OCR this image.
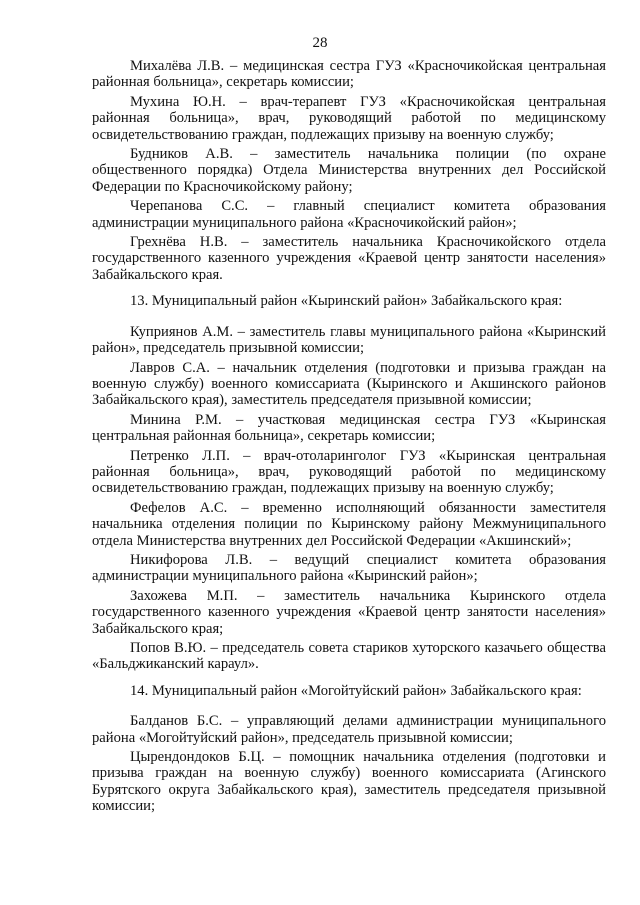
28

Михалёва Л.В. – медицинская сестра ГУЗ «Красночикойская центральная районная больница», секретарь комиссии;

Мухина Ю.Н. – врач-терапевт ГУЗ «Красночикойская центральная районная больница», врач, руководящий работой по медицинскому освидетельствованию граждан, подлежащих призыву на военную службу;

Будников А.В. – заместитель начальника полиции (по охране общественного порядка) Отдела Министерства внутренних дел Российской Федерации по Красночикойскому району;

Черепанова С.С. – главный специалист комитета образования администрации муниципального района «Красночикойский район»;

Грехнёва Н.В. – заместитель начальника Красночикойского отдела государственного казенного учреждения «Краевой центр занятости населения» Забайкальского края.

13. Муниципальный район «Кыринский район» Забайкальского края:

Куприянов А.М. – заместитель главы муниципального района «Кыринский район», председатель призывной комиссии;

Лавров С.А. – начальник отделения (подготовки и призыва граждан на военную службу) военного комиссариата (Кыринского и Акшинского районов Забайкальского края), заместитель председателя призывной комиссии;

Минина Р.М. – участковая медицинская сестра ГУЗ «Кыринская центральная районная больница», секретарь комиссии;

Петренко Л.П. – врач-отоларинголог ГУЗ «Кыринская центральная районная больница», врач, руководящий работой по медицинскому освидетельствованию граждан, подлежащих призыву на военную службу;

Фефелов А.С. – временно исполняющий обязанности заместителя начальника отделения полиции по Кыринскому району Межмуниципального отдела Министерства внутренних дел Российской Федерации «Акшинский»;

Никифорова Л.В. – ведущий специалист комитета образования администрации муниципального района «Кыринский район»;

Захожева М.П. – заместитель начальника Кыринского отдела государственного казенного учреждения «Краевой центр занятости населения» Забайкальского края;

Попов В.Ю. – председатель совета стариков хуторского казачьего общества «Бальджиканский караул».

14. Муниципальный район «Могойтуйский район» Забайкальского края:

Балданов Б.С. – управляющий делами администрации муниципального района «Могойтуйский район», председатель призывной комиссии;

Цырендондоков Б.Ц. – помощник начальника отделения (подготовки и призыва граждан на военную службу) военного комиссариата (Агинского Бурятского округа Забайкальского края), заместитель председателя призывной комиссии;
